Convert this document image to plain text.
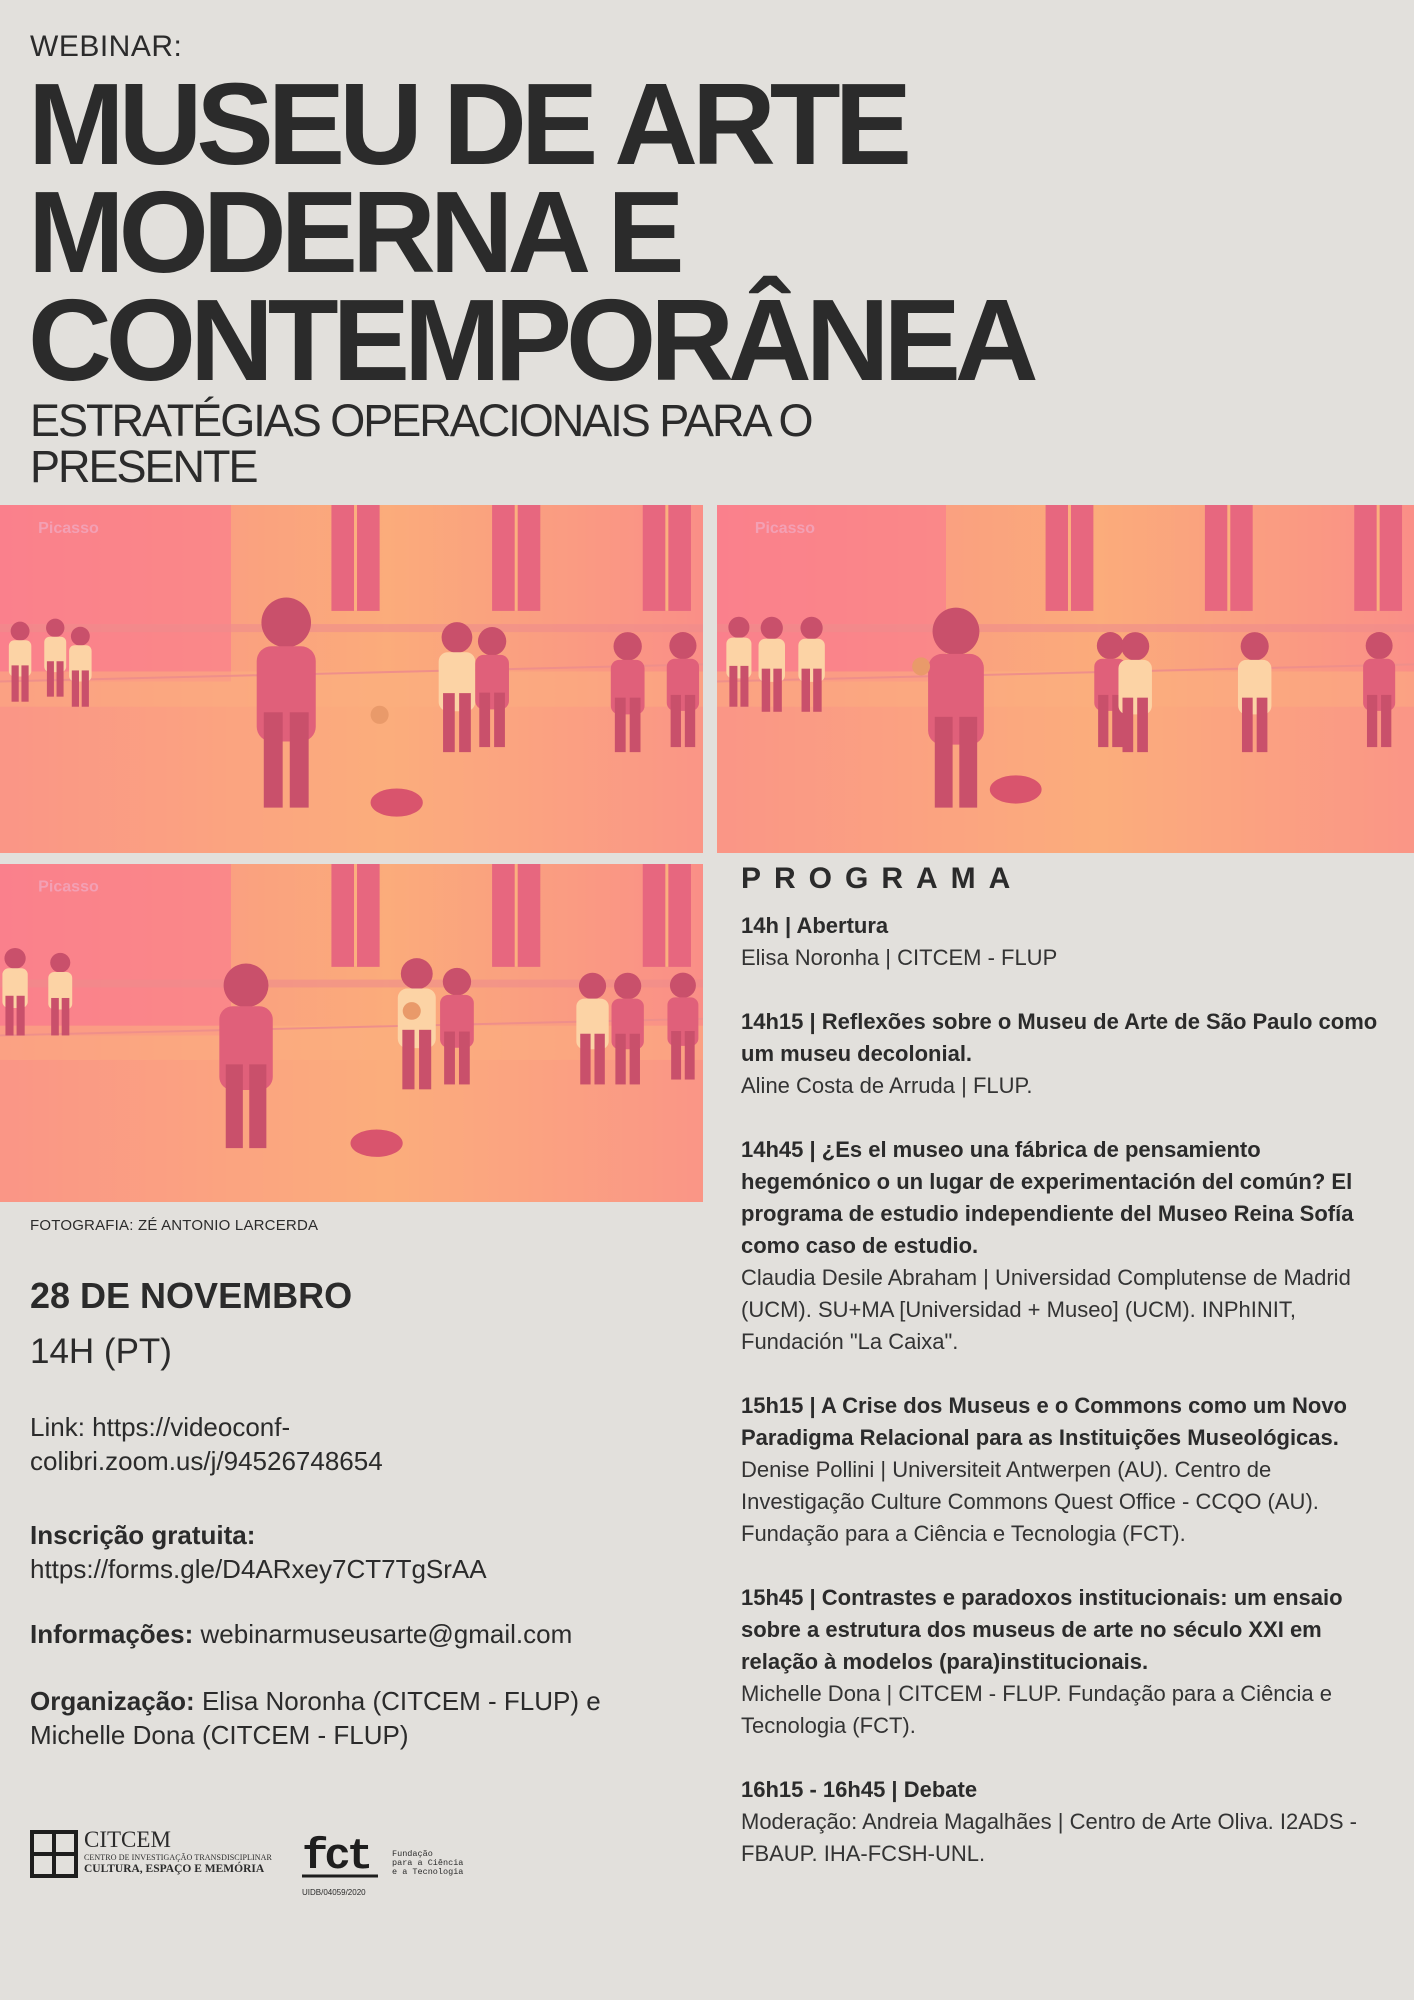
WEBINAR:
MUSEU DE ARTE
MODERNA E
CONTEMPORÂNEA
ESTRATÉGIAS OPERACIONAIS PARA O
PRESENTE
Picasso	Picasso
Picasso
FOTOGRAFIA: ZÉ ANTONIO LARCERDA
28 DE NOVEMBRO
14H (PT)
Link: https://videoconf-
colibri.zoom.us/j/94526748654
Inscrição gratuita:
https://forms.gle/D4ARxey7CT7TgSrAA
Informações: webinarmuseusarte@gmail.com
Organização: Elisa Noronha (CITCEM - FLUP) e Michelle Dona (CITCEM - FLUP)
CITCEM
CENTRO DE INVESTIGAÇÃO TRANSDISCIPLINAR
CULTURA, ESPAÇO E MEMÓRIA fct	Fundação
para a Ciência
e a Tecnologia
UIDB/04059/2020
PROGRAMA
14h | Abertura
Elisa Noronha | CITCEM - FLUP
14h15 | Reflexões sobre o Museu de Arte de São Paulo como um museu decolonial.
Aline Costa de Arruda | FLUP.
14h45 | ¿Es el museo una fábrica de pensamiento hegemónico o un lugar de experimentación del común? El programa de estudio independiente del Museo Reina Sofía como caso de estudio.
Claudia Desile Abraham | Universidad Complutense de Madrid (UCM). SU+MA [Universidad + Museo] (UCM). INPhINIT, Fundación "La Caixa".
15h15 | A Crise dos Museus e o Commons como um Novo Paradigma Relacional para as Instituições Museológicas.
Denise Pollini | Universiteit Antwerpen (AU). Centro de Investigação Culture Commons Quest Office - CCQO (AU). Fundação para a Ciência e Tecnologia (FCT).
15h45 | Contrastes e paradoxos institucionais: um ensaio sobre a estrutura dos museus de arte no século XXI em relação à modelos (para)institucionais.
Michelle Dona | CITCEM - FLUP. Fundação para a Ciência e Tecnologia (FCT).
16h15 - 16h45 | Debate
Moderação: Andreia Magalhães | Centro de Arte Oliva. I2ADS - FBAUP. IHA-FCSH-UNL.
